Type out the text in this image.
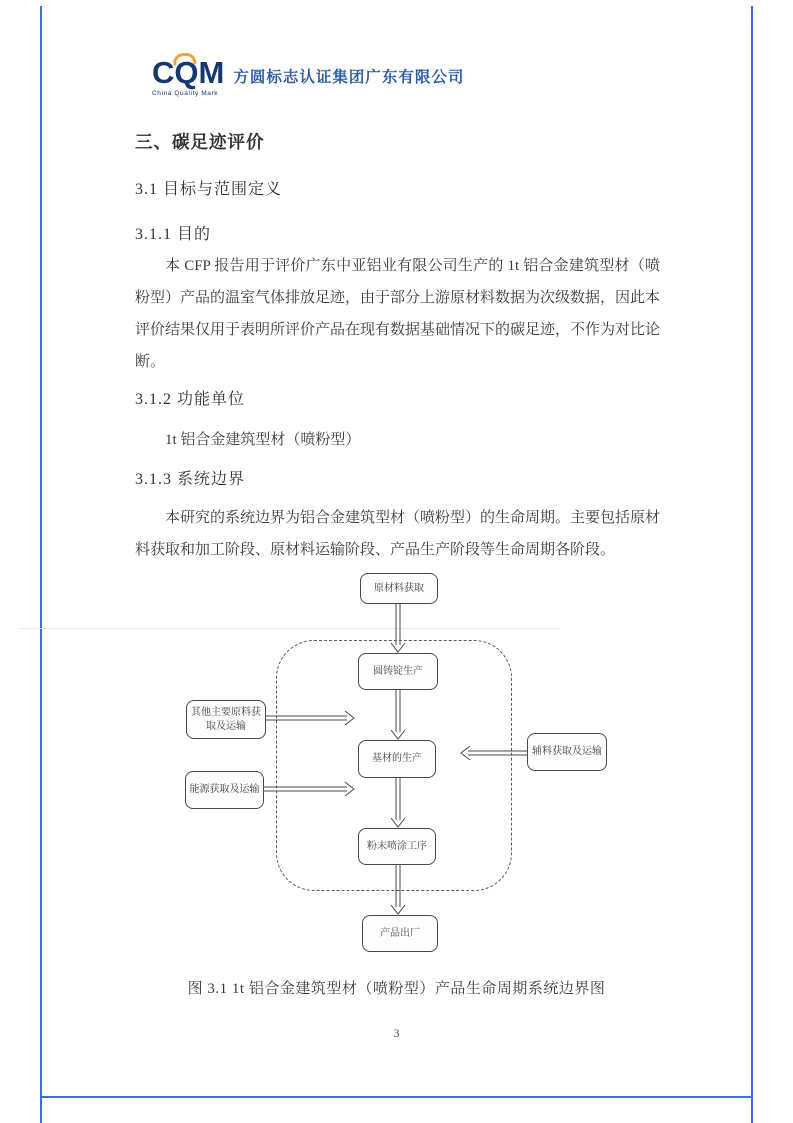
CQM
China Quality Mark
方圆标志认证集团广东有限公司
三、碳足迹评价
3.1 目标与范围定义
3.1.1 目的
本 CFP 报告用于评价广东中亚铝业有限公司生产的 1t 铝合金建筑型材（喷粉型）产品的温室气体排放足迹，由于部分上游原材料数据为次级数据，因此本评价结果仅用于表明所评价产品在现有数据基础情况下的碳足迹，不作为对比论断。
3.1.2 功能单位
1t 铝合金建筑型材（喷粉型）
3.1.3 系统边界
本研究的系统边界为铝合金建筑型材（喷粉型）的生命周期。主要包括原材料获取和加工阶段、原材料运输阶段、产品生产阶段等生命周期各阶段。
原材料获取
圆铸锭生产
其他主要原料获取及运输
基材的生产
能源获取及运输
辅料获取及运输
粉末喷涂工序
产品出厂
图 3.1 1t 铝合金建筑型材（喷粉型）产品生命周期系统边界图
3
